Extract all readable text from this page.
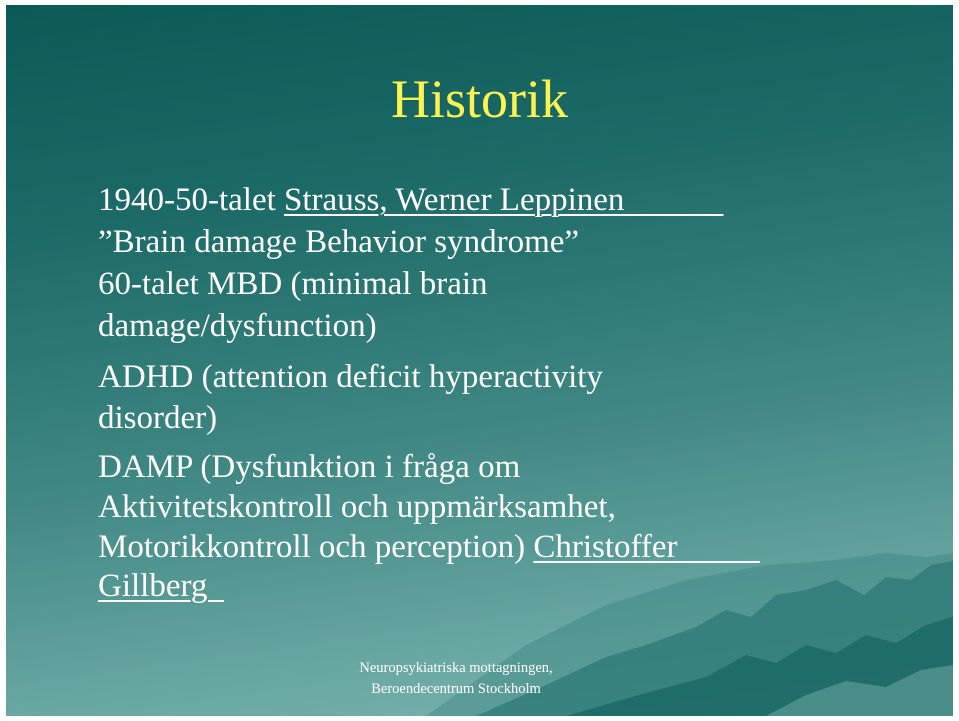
Historik

1940-50-talet Strauss, Werner Leppinen

”Brain damage Behavior syndrome”

60-talet MBD (minimal brain

damage/dysfunction)

ADHD (attention deficit hyperactivity

disorder)

DAMP (Dysfunktion i fråga om

Aktivitetskontroll och uppmärksamhet,

Motorikkontroll och perception) Christoffer

Gillberg

Neuropsykiatriska mottagningen,
Beroendecentrum Stockholm
